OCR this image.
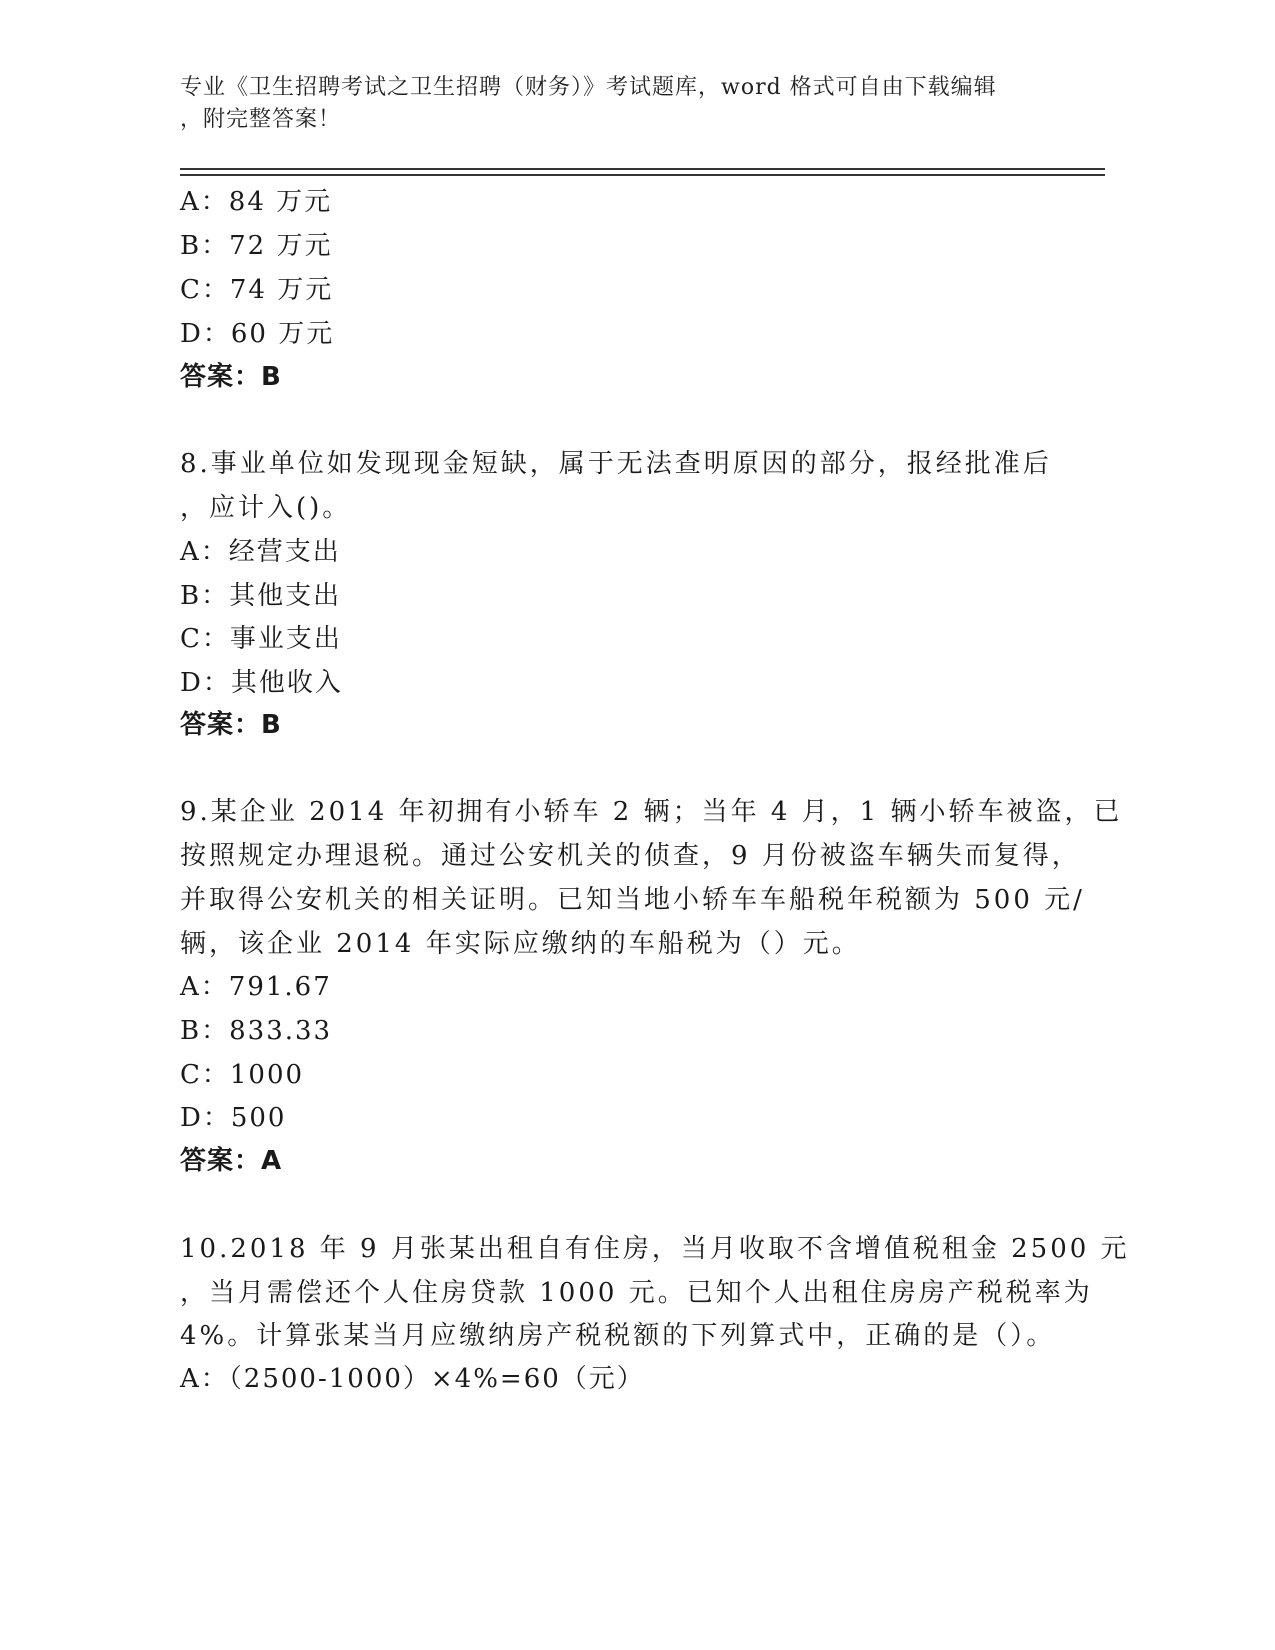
专业《卫生招聘考试之卫生招聘（财务）》考试题库，word 格式可自由下载编辑
，附完整答案！
A：84 万元
B：72 万元
C：74 万元
D：60 万元
答案：B
8.事业单位如发现现金短缺，属于无法查明原因的部分，报经批准后
，应计入()。
A：经营支出
B：其他支出
C：事业支出
D：其他收入
答案：B
9.某企业 2014 年初拥有小轿车 2 辆；当年 4 月，1 辆小轿车被盗，已
按照规定办理退税。通过公安机关的侦查，9 月份被盗车辆失而复得，
并取得公安机关的相关证明。已知当地小轿车车船税年税额为 500 元/
辆，该企业 2014 年实际应缴纳的车船税为（）元。
A：791.67
B：833.33
C：1000
D：500
答案：A
10.2018 年 9 月张某出租自有住房，当月收取不含增值税租金 2500 元
，当月需偿还个人住房贷款 1000 元。已知个人出租住房房产税税率为
4%。计算张某当月应缴纳房产税税额的下列算式中，正确的是（）。
A：（2500-1000）×4%=60（元）
